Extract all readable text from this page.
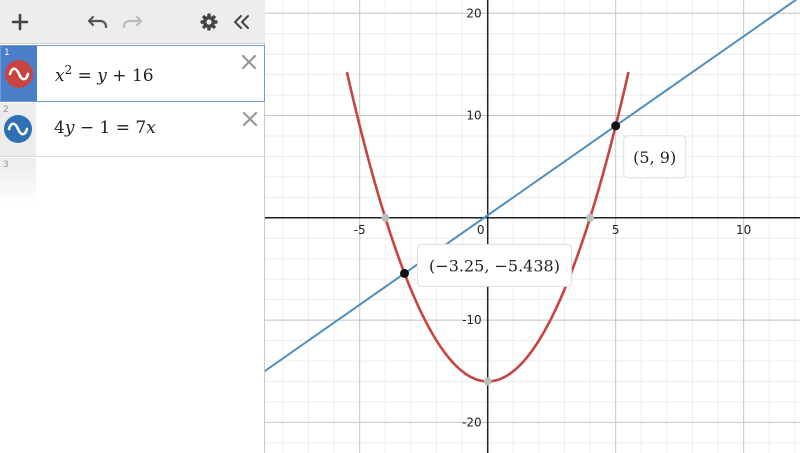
1
$x^2 = y + 16$
2
4y − 1 = 7x
3
-5	0	5	10
-20
-10
10
20
(5, 9)
(−3.25, −5.438)
